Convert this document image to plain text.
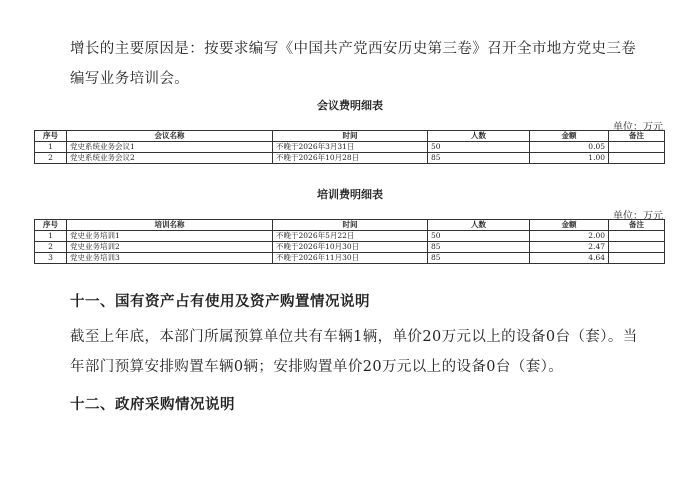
增长的主要原因是：按要求编写《中国共产党西安历史第三卷》召开全市地方党史三卷编写业务培训会。
会议费明细表
单位：万元
序号	会议名称	时间	人数	金额	备注
1	党史系统业务会议1	不晚于2026年3月31日	50	0.05	
2	党史系统业务会议2	不晚于2026年10月28日	85	1.00	
培训费明细表
单位：万元
序号	培训名称	时间	人数	金额	备注
1	党史业务培训1	不晚于2026年5月22日	50	2.00	
2	党史业务培训2	不晚于2026年10月30日	85	2.47	
3	党史业务培训3	不晚于2026年11月30日	85	4.64	
十一、国有资产占有使用及资产购置情况说明
截至上年底，本部门所属预算单位共有车辆1辆，单价20万元以上的设备0台（套）。当年部门预算安排购置车辆0辆；安排购置单价20万元以上的设备0台（套）。
十二、政府采购情况说明
